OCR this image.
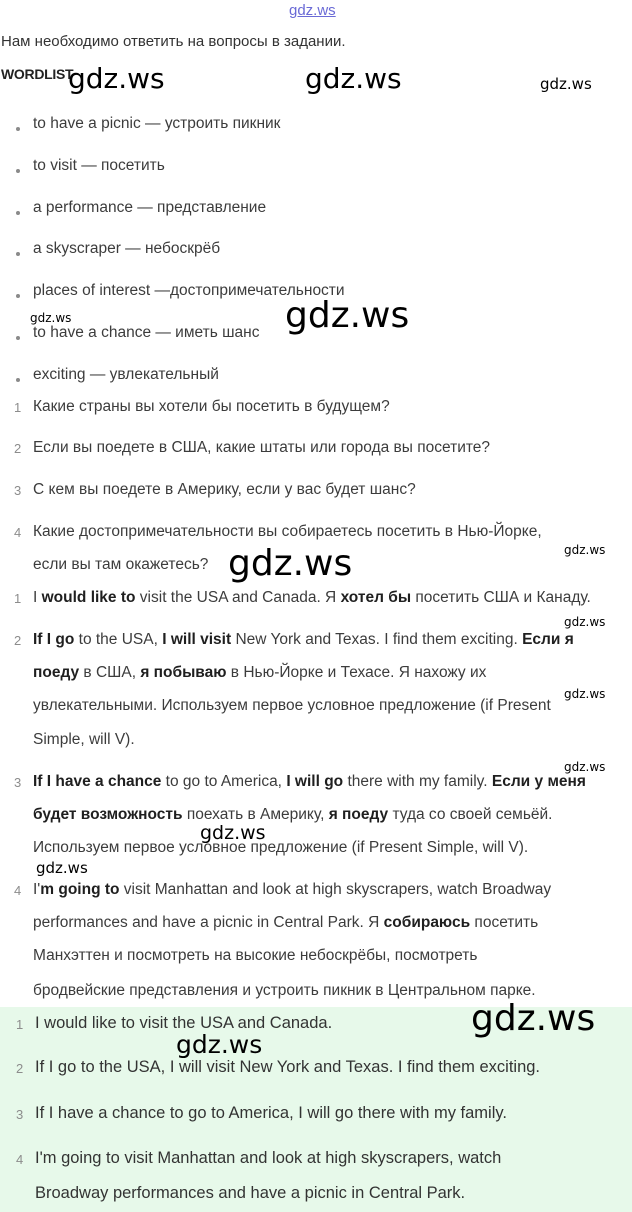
gdz.ws
Нам необходимо ответить на вопросы в задании.
WORDLIST
to have a picnic — устроить пикник
to visit — посетить
a performance — представление
a skyscraper — небоскрёб
places of interest —достопримечательности
to have a chance — иметь шанс
exciting — увлекательный
1 Какие страны вы хотели бы посетить в будущем?
2 Если вы поедете в США, какие штаты или города вы посетите?
3 С кем вы поедете в Америку, если у вас будет шанс?
4 Какие достопримечательности вы собираетесь посетить в Нью-Йорке,
если вы там окажетесь?
1 I would like to visit the USA and Canada. Я хотел бы посетить США и Канаду.
2 If I go to the USA, I will visit New York and Texas. I find them exciting. Если я
поеду в США, я побываю в Нью-Йорке и Техасе. Я нахожу их
увлекательными. Используем первое условное предложение (if Present
Simple, will V).
3 If I have a chance to go to America, I will go there with my family. Если у меня
будет возможность поехать в Америку, я поеду туда со своей семьёй.
Используем первое условное предложение (if Present Simple, will V).
4 I'm going to visit Manhattan and look at high skyscrapers, watch Broadway
performances and have a picnic in Central Park. Я собираюсь посетить
Манхэттен и посмотреть на высокие небоскрёбы, посмотреть
бродвейские представления и устроить пикник в Центральном парке.
1 I would like to visit the USA and Canada.
2 If I go to the USA, I will visit New York and Texas. I find them exciting.
3 If I have a chance to go to America, I will go there with my family.
4 I'm going to visit Manhattan and look at high skyscrapers, watch
Broadway performances and have a picnic in Central Park.
gdz.ws	gdz.ws	gdz.ws
gdz.ws	gdz.ws
gdz.ws	gdz.ws
gdz.ws
gdz.ws
gdz.ws
gdz.ws
gdz.ws
gdz.ws
gdz.ws
